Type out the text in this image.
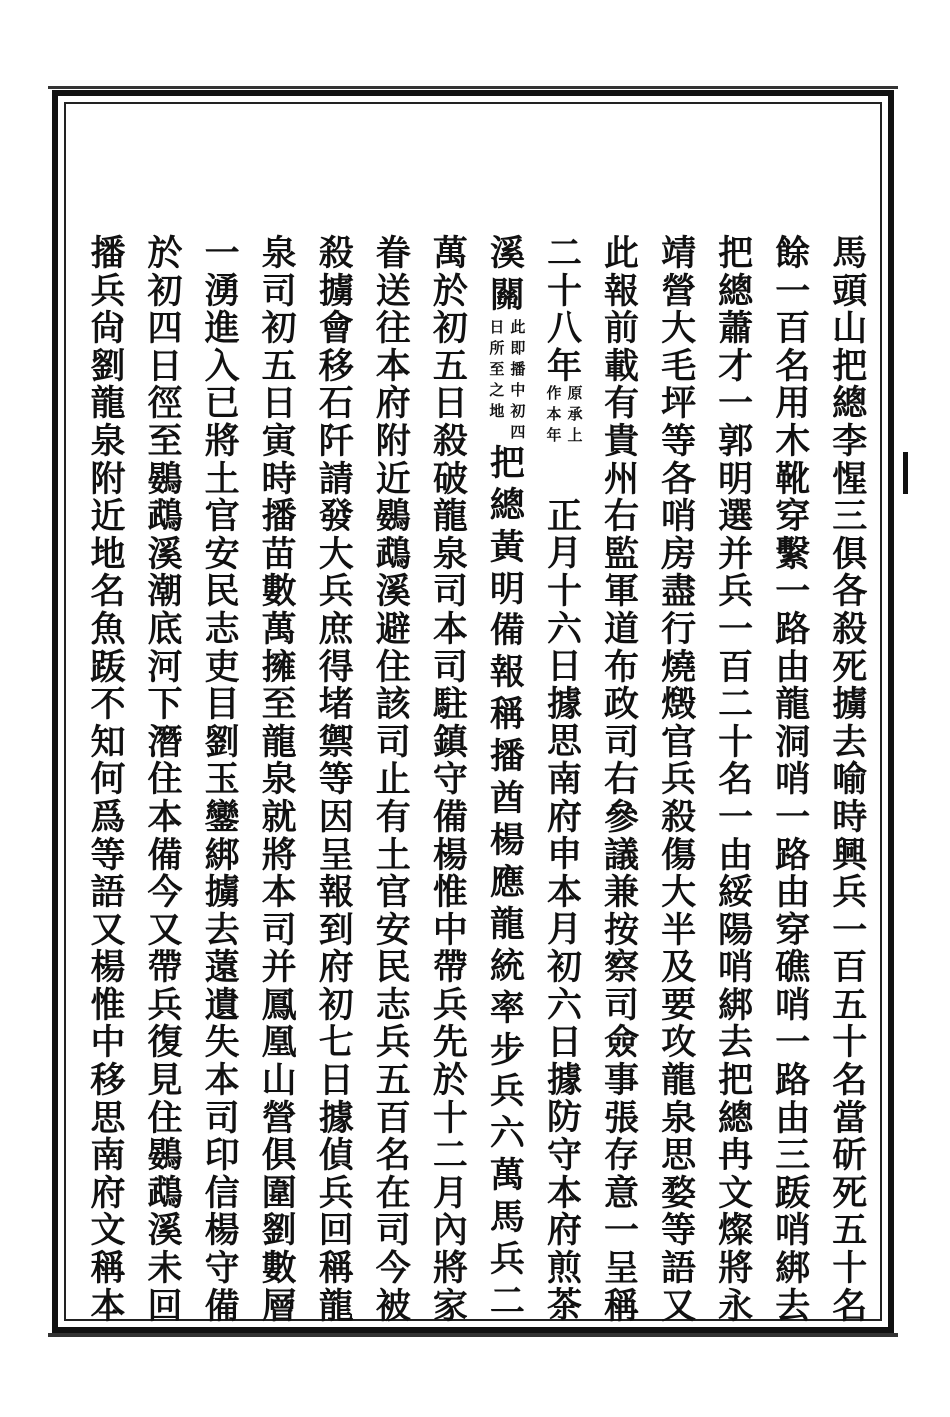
馬
頭
山
把
總
李
惺
三
俱
各
殺
死
擄
去
喻
時
興
兵
一
百
五
十
名
當
斫
死
五
十
名
餘
一
百
名
用
木
靴
穿
繫
一
路
由
龍
洞
哨
一
路
由
穿
礁
哨
一
路
由
三
䟦
哨
綁
去
把
總
蕭
才
一
郭
明
選
并
兵
一
百
二
十
名
一
由
綏
陽
哨
綁
去
把
總
冉
文
燦
將
永
靖
營
大
毛
坪
等
各
哨
房
盡
行
燒
燬
官
兵
殺
傷
大
半
及
要
攻
龍
泉
思
婺
等
語
又
此
報
前
載
有
貴
州
右
監
軍
道
布
政
司
右
參
議
兼
按
察
司
僉
事
張
存
意
一
呈
稱
二
十
八
年
原
承
上
作
本
年
正
月
十
六
日
據
思
南
府
申
本
月
初
六
日
據
防
守
本
府
煎
茶
溪
關
此
即
播
中
初
四
日
所
至
之
地
把
總
黃
明
備
報
稱
播
酋
楊
應
龍
統
率
步
兵
六
萬
馬
兵
二
萬
於
初
五
日
殺
破
龍
泉
司
本
司
駐
鎮
守
備
楊
惟
中
帶
兵
先
於
十
二
月
內
將
家
眷
送
往
本
府
附
近
鷃
鵡
溪
避
住
該
司
止
有
土
官
安
民
志
兵
五
百
名
在
司
今
被
殺
擄
會
移
石
阡
請
發
大
兵
庶
得
堵
禦
等
因
呈
報
到
府
初
七
日
據
偵
兵
回
稱
龍
泉
司
初
五
日
寅
時
播
苗
數
萬
擁
至
龍
泉
就
將
本
司
并
鳳
凰
山
營
俱
圍
劉
數
層
一
湧
進
入
已
將
土
官
安
民
志
吏
目
劉
玉
鑾
綁
擄
去
薳
遺
失
本
司
印
信
楊
守
備
於
初
四
日
徑
至
鷃
鵡
溪
潮
底
河
下
潛
住
本
備
今
又
帶
兵
復
見
住
鷃
鵡
溪
未
回
播
兵
尙
劉
龍
泉
附
近
地
名
魚
䟦
不
知
何
爲
等
語
又
楊
惟
中
移
思
南
府
文
稱
本
